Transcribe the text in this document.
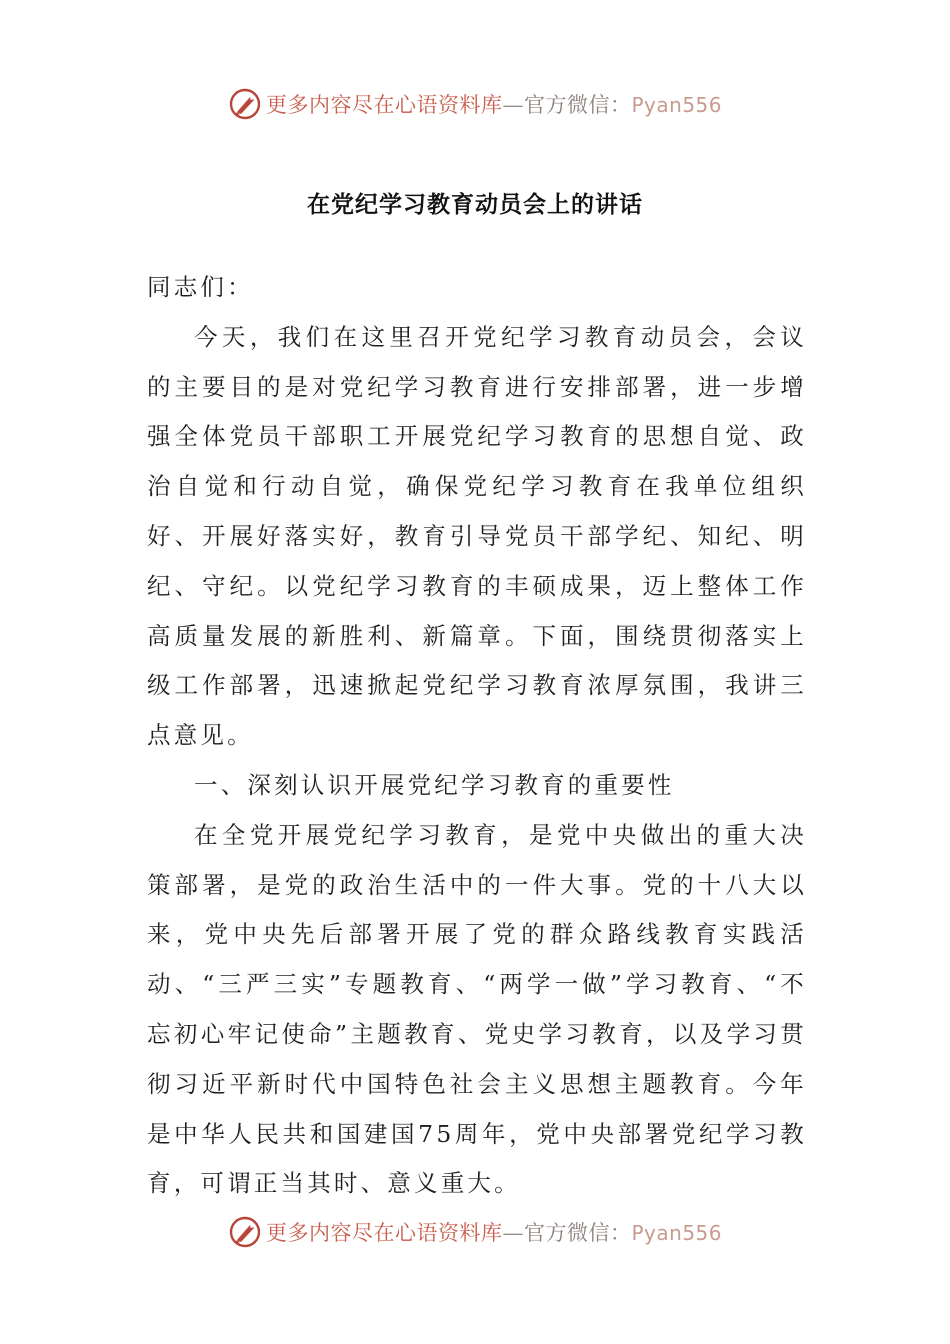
更多内容尽在心语资料库—官方微信：Pyan556
在党纪学习教育动员会上的讲话

同志们：

今天，我们在这里召开党纪学习教育动员会，会议的主要目的是对党纪学习教育进行安排部署，进一步增强全体党员干部职工开展党纪学习教育的思想自觉、政治自觉和行动自觉，确保党纪学习教育在我单位组织好、开展好落实好，教育引导党员干部学纪、知纪、明纪、守纪。以党纪学习教育的丰硕成果，迈上整体工作高质量发展的新胜利、新篇章。下面，围绕贯彻落实上级工作部署，迅速掀起党纪学习教育浓厚氛围，我讲三点意见。

一、深刻认识开展党纪学习教育的重要性

在全党开展党纪学习教育，是党中央做出的重大决策部署，是党的政治生活中的一件大事。党的十八大以来，党中央先后部署开展了党的群众路线教育实践活动、“三严三实”专题教育、“两学一做”学习教育、“不忘初心牢记使命”主题教育、党史学习教育，以及学习贯彻习近平新时代中国特色社会主义思想主题教育。今年是中华人民共和国建国75周年，党中央部署党纪学习教育，可谓正当其时、意义重大。

更多内容尽在心语资料库—官方微信：Pyan556
